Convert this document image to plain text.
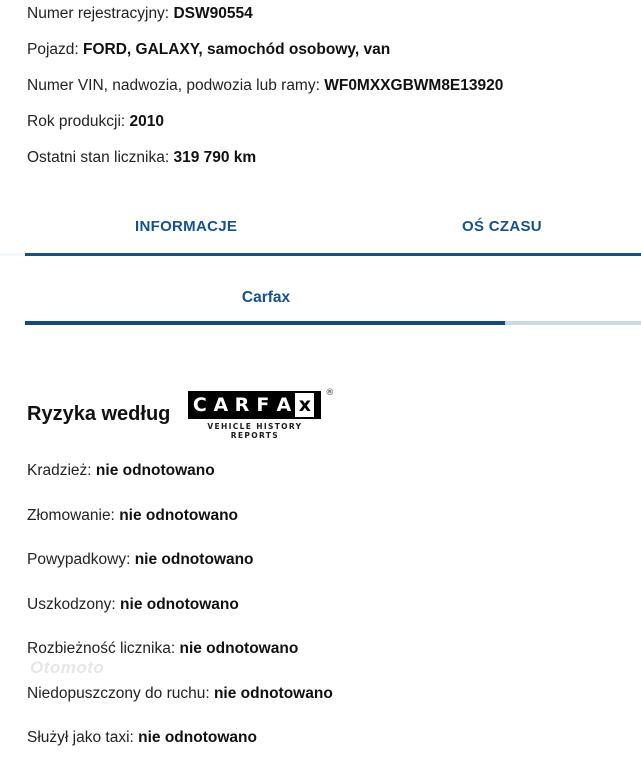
Numer rejestracyjny: DSW90554
Pojazd: FORD, GALAXY, samochód osobowy, van
Numer VIN, nadwozia, podwozia lub ramy: WF0MXXGBWM8E13920
Rok produkcji: 2010
Ostatni stan licznika: 319 790 km
INFORMACJE	OŚ CZASU
Carfax
Ryzyka według C A R F A x
®
VEHICLE HISTORY REPORTS
Kradzież: nie odnotowano
Złomowanie: nie odnotowano
Powypadkowy: nie odnotowano
Uszkodzony: nie odnotowano
Rozbieżność licznika: nie odnotowano
Niedopuszczony do ruchu: nie odnotowano
Służył jako taxi: nie odnotowano
Otomoto
